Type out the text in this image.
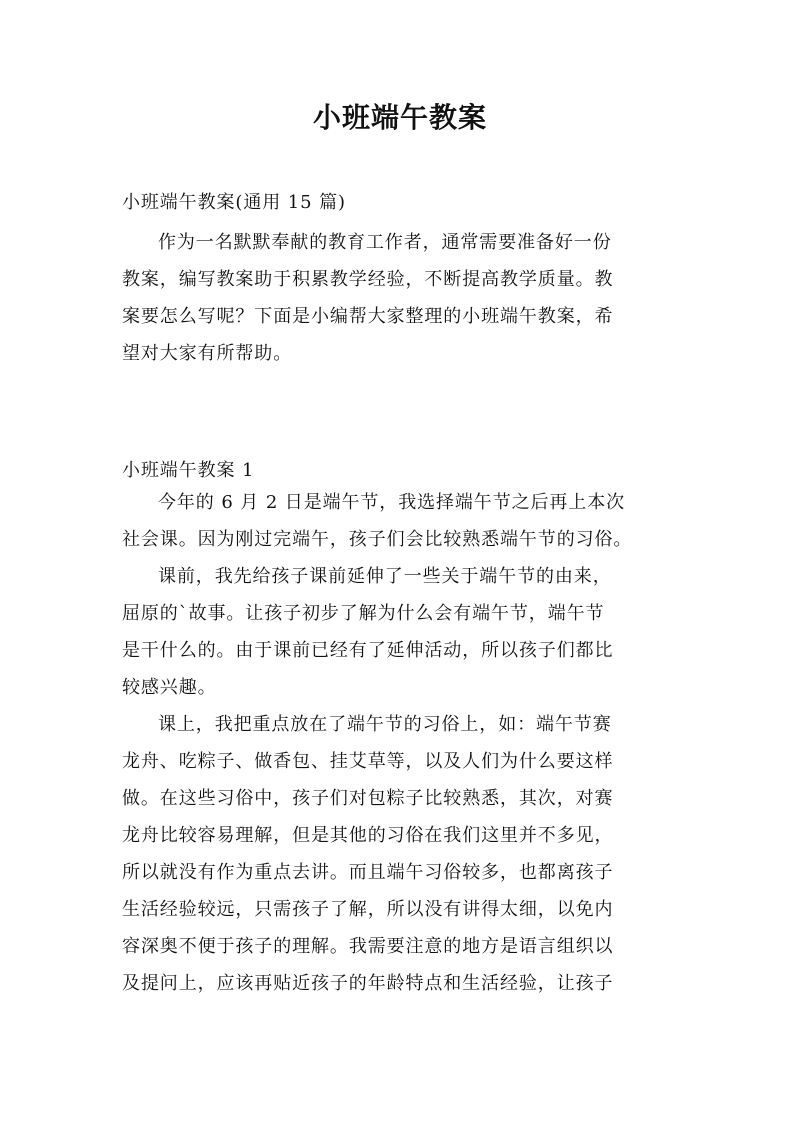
小班端午教案
小班端午教案(通用 15 篇)

作为一名默默奉献的教育工作者，通常需要准备好一份
教案，编写教案助于积累教学经验，不断提高教学质量。教
案要怎么写呢？下面是小编帮大家整理的小班端午教案，希
望对大家有所帮助。

小班端午教案 1

今年的 6 月 2 日是端午节，我选择端午节之后再上本次
社会课。因为刚过完端午，孩子们会比较熟悉端午节的习俗。

课前，我先给孩子课前延伸了一些关于端午节的由来，
屈原的`故事。让孩子初步了解为什么会有端午节，端午节
是干什么的。由于课前已经有了延伸活动，所以孩子们都比
较感兴趣。

课上，我把重点放在了端午节的习俗上，如：端午节赛
龙舟、吃粽子、做香包、挂艾草等，以及人们为什么要这样
做。在这些习俗中，孩子们对包粽子比较熟悉，其次，对赛
龙舟比较容易理解，但是其他的习俗在我们这里并不多见，
所以就没有作为重点去讲。而且端午习俗较多，也都离孩子
生活经验较远，只需孩子了解，所以没有讲得太细，以免内
容深奥不便于孩子的理解。我需要注意的地方是语言组织以
及提问上，应该再贴近孩子的年龄特点和生活经验，让孩子
